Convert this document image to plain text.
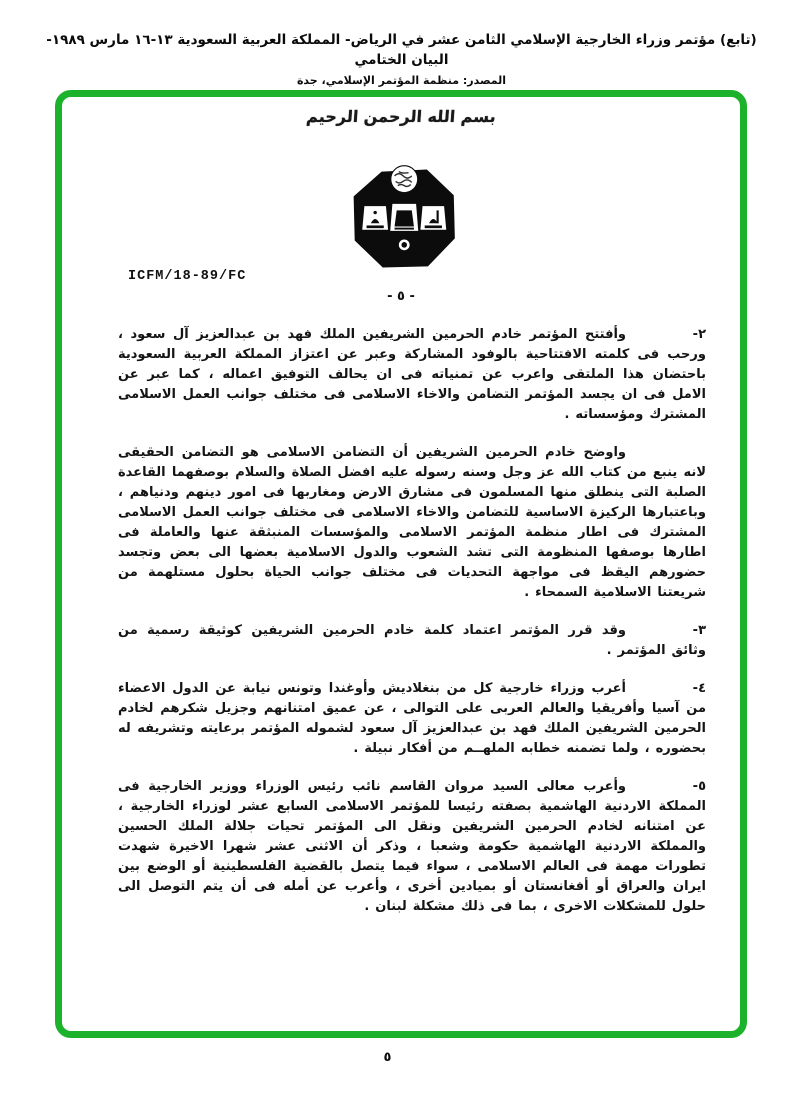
(تابع) مؤتمر وزراء الخارجية الإسلامي الثامن عشر في الرياض- المملكة العربية السعودية ١٣-١٦ مارس ١٩٨٩- البيان الختامي
المصدر: منظمة المؤتمر الإسلامي، جدة
بسم الله الرحمن الرحيم
ICFM/18-89/FC
- ٥ -
٢-
وأفتتح المؤتمر خادم الحرمين الشريفين الملك فهد بن عبدالعزيز آل سعود ، ورحب فى كلمته الافتتاحية بالوفود المشاركة وعبر عن اعتزاز المملكة العربية السعودية باحتضان هذا الملتقى واعرب عن تمنياته فى ان يحالف التوفيق اعماله ، كما عبر عن الامل فى ان يجسد المؤتمر التضامن والاخاء الاسلامى فى مختلف جوانب العمل الاسلامى المشترك ومؤسساته .
واوضح خادم الحرمين الشريفين أن التضامن الاسلامى هو التضامن الحقيقى لانه ينبع من كتاب الله عز وجل وسنه رسوله عليه افضل الصلاة والسلام بوصفهما القاعدة الصلبة التى ينطلق منها المسلمون فى مشارق الارض ومغاربها فى امور دينهم ودنياهم ، وباعتبارها الركيزة الاساسية للتضامن والاخاء الاسلامى فى مختلف جوانب العمل الاسلامى المشترك فى اطار منظمة المؤتمر الاسلامى والمؤسسات المنبثقة عنها والعاملة فى اطارها بوصفها المنظومة التى تشد الشعوب والدول الاسلامية بعضها الى بعض وتجسد حضورهم اليقظ فى مواجهة التحديات فى مختلف جوانب الحياة بحلول مستلهمة من شريعتنا الاسلامية السمحاء .
٣-
وقد قرر المؤتمر اعتماد كلمة خادم الحرمين الشريفين كوثيقة رسمية من وثائق المؤتمر .
٤-
أعرب وزراء خارجية كل من بنغلاديش وأوغندا وتونس نيابة عن الدول الاعضاء من آسيا وأفريقيا والعالم العربى على التوالى ، عن عميق امتنانهم وجزيل شكرهم لخادم الحرمين الشريفين الملك فهد بن عبدالعزيز آل سعود لشموله المؤتمر برعايته وتشريفه له بحضوره ، ولما تضمنه خطابه الملهــم من أفكار نبيلة .
٥-
وأعرب معالى السيد مروان القاسم نائب رئيس الوزراء ووزير الخارجية فى المملكة الاردنية الهاشمية بصفته رئيسا للمؤتمر الاسلامى السابع عشر لوزراء الخارجية ، عن امتنانه لخادم الحرمين الشريفين ونقل الى المؤتمر تحيات جلالة الملك الحسين والمملكة الاردنية الهاشمية حكومة وشعبا ، وذكر أن الاثنى عشر شهرا الاخيرة شهدت تطورات مهمة فى العالم الاسلامى ، سواء فيما يتصل بالقضية الفلسطينية أو الوضع بين ايران والعراق أو أفغانستان أو بميادين أخرى ، وأعرب عن أمله فى أن يتم التوصل الى حلول للمشكلات الاخرى ، بما فى ذلك مشكلة لبنان .
٥
